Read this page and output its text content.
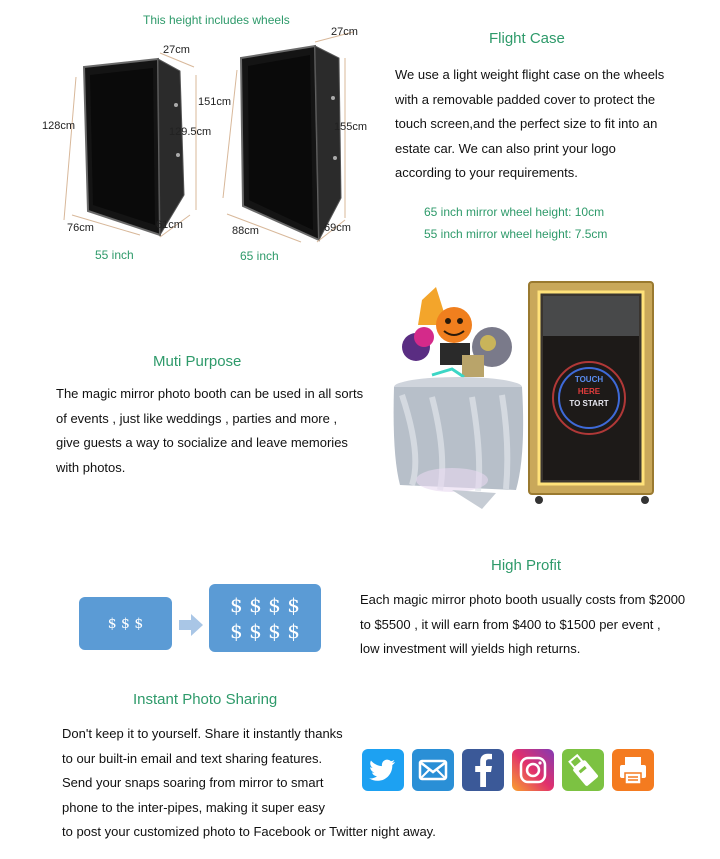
This height includes wheels
128cm
27cm
129.5cm
76cm	61cm
55 inch
151cm
27cm
155cm
88cm	69cm
65 inch
Flight Case
We use a light weight flight case on the wheels
with a removable padded cover to protect the
touch screen,and the perfect size to fit into an
estate car. We can also print your logo
according to your requirements.
65 inch mirror wheel height: 10cm
55 inch mirror wheel height: 7.5cm
Muti Purpose
The magic mirror photo booth can be used in all sorts
of events , just like weddings , parties and more ,
give guests a way to socialize and leave memories
with photos.
TOUCH
HERE
TO START
High Profit
$ $ $
$ $ $ $
$ $ $ $
Each magic mirror photo booth usually costs from $2000
to $5500 , it will earn from $400 to $1500 per event ,
low investment will yields high returns.
Instant Photo Sharing
Don't keep it to yourself. Share it instantly thanks
to our built-in email and text sharing features.
Send your snaps soaring from mirror to smart
phone to the inter-pipes, making it super easy
to post your customized photo to Facebook or Twitter night away.
